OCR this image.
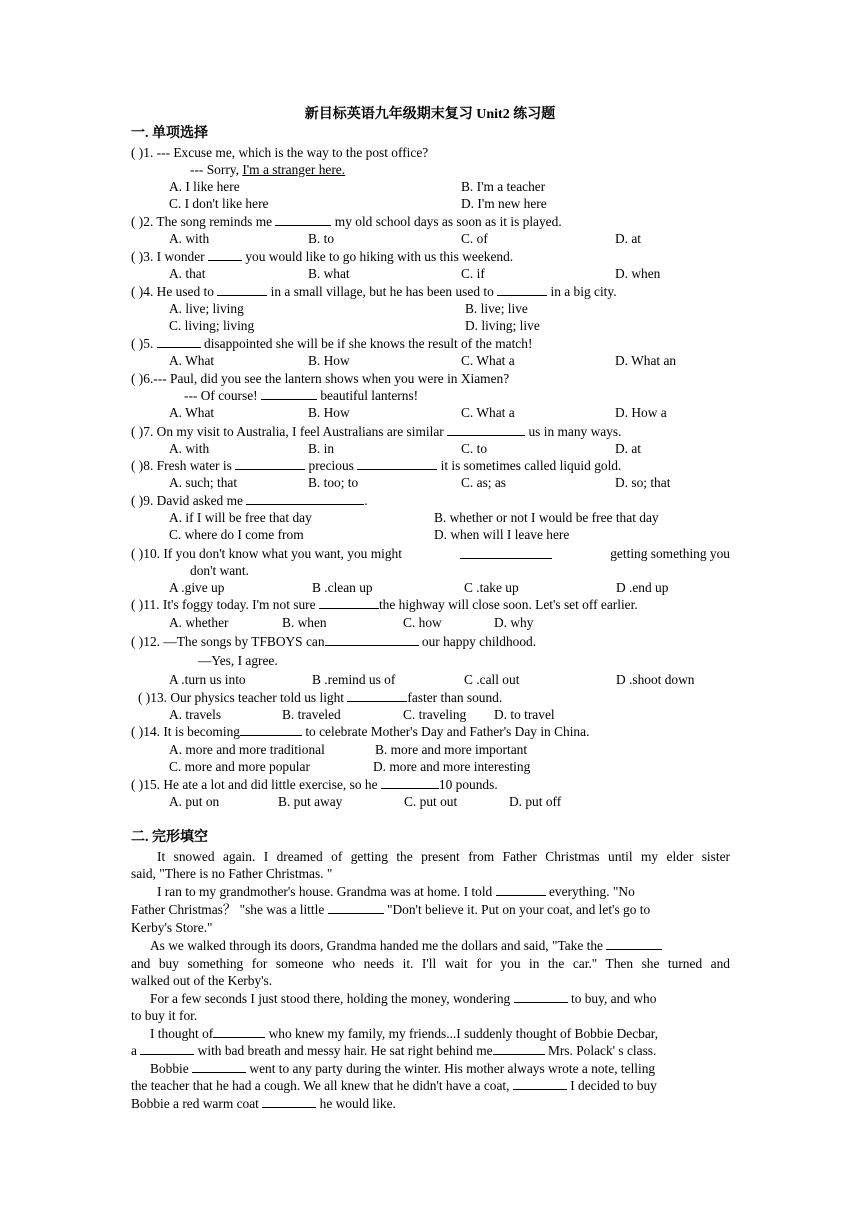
新目标英语九年级期末复习 Unit2 练习题
一. 单项选择
( )1. --- Excuse me, which is the way to the post office?
--- Sorry, I'm a stranger here.
A. I like here	B. I'm a teacher
C. I don't like here	D. I'm new here
( )2. The song reminds me	my old school days as soon as it is played.
A. with	B. to	C. of	D. at
( )3. I wonder	you would like to go hiking with us this weekend.
A. that	B. what	C. if	D. when
( )4. He used to	in a small village, but he has been used to	in a big city.
A. live; living	B. live; live
C. living; living	D. living; live
( )5.	disappointed she will be if she knows the result of the match!
A. What	B. How	C. What a	D. What an
( )6.--- Paul, did you see the lantern shows when you were in Xiamen?
--- Of course!	beautiful lanterns!
A. What	B. How	C. What a	D. How a
( )7. On my visit to Australia, I feel Australians are similar	us in many ways.
A. with	B. in	C. to	D. at
( )8. Fresh water is	precious	it is sometimes called liquid gold.
A. such; that	B. too; to	C. as; as	D. so; that
( )9. David asked me	.
A. if I will be free that day	B. whether or not I would be free that day
C. where do I come from	D. when will I leave here
( )10. If you don't know what you want, you might	getting something you
don't want.
A .give up	B .clean up	C .take up	D .end up
( )11. It's foggy today. I'm not sure	the highway will close soon. Let's set off earlier.
A. whether	B. when	C. how	D. why
( )12. —The songs by TFBOYS can	our happy childhood.
—Yes, I agree.
A .turn us into	B .remind us of	C .call out	D .shoot down
( )13. Our physics teacher told us light	faster than sound.
A. travels	B. traveled	C. traveling D. to travel
( )14. It is becoming	to celebrate Mother's Day and Father's Day in China.
A. more and more traditional	B. more and more important
C. more and more popular	D. more and more interesting
( )15. He ate a lot and did little exercise, so he	10 pounds.
A. put on	B. put away	C. put out	D. put off
二. 完形填空
It snowed again. I dreamed of getting the present from Father Christmas until my elder sister
said, "There is no Father Christmas. "
I ran to my grandmother's house. Grandma was at home. I told	everything. "No
Father Christmas？ "she was a little	"Don't believe it. Put on your coat, and let's go to
Kerby's Store."
As we walked through its doors, Grandma handed me the dollars and said, "Take the
and buy something for someone who needs it. I'll wait for you in the car." Then she turned and
walked out of the Kerby's.
For a few seconds I just stood there, holding the money, wondering	to buy, and who
to buy it for.
I thought of	who knew my family, my friends...I suddenly thought of Bobbie Decbar,
a	with bad breath and messy hair. He sat right behind me	Mrs. Polack' s class.
Bobbie	went to any party during the winter. His mother always wrote a note, telling
the teacher that he had a cough. We all knew that he didn't have a coat,	I decided to buy
Bobbie a red warm coat	he would like.
